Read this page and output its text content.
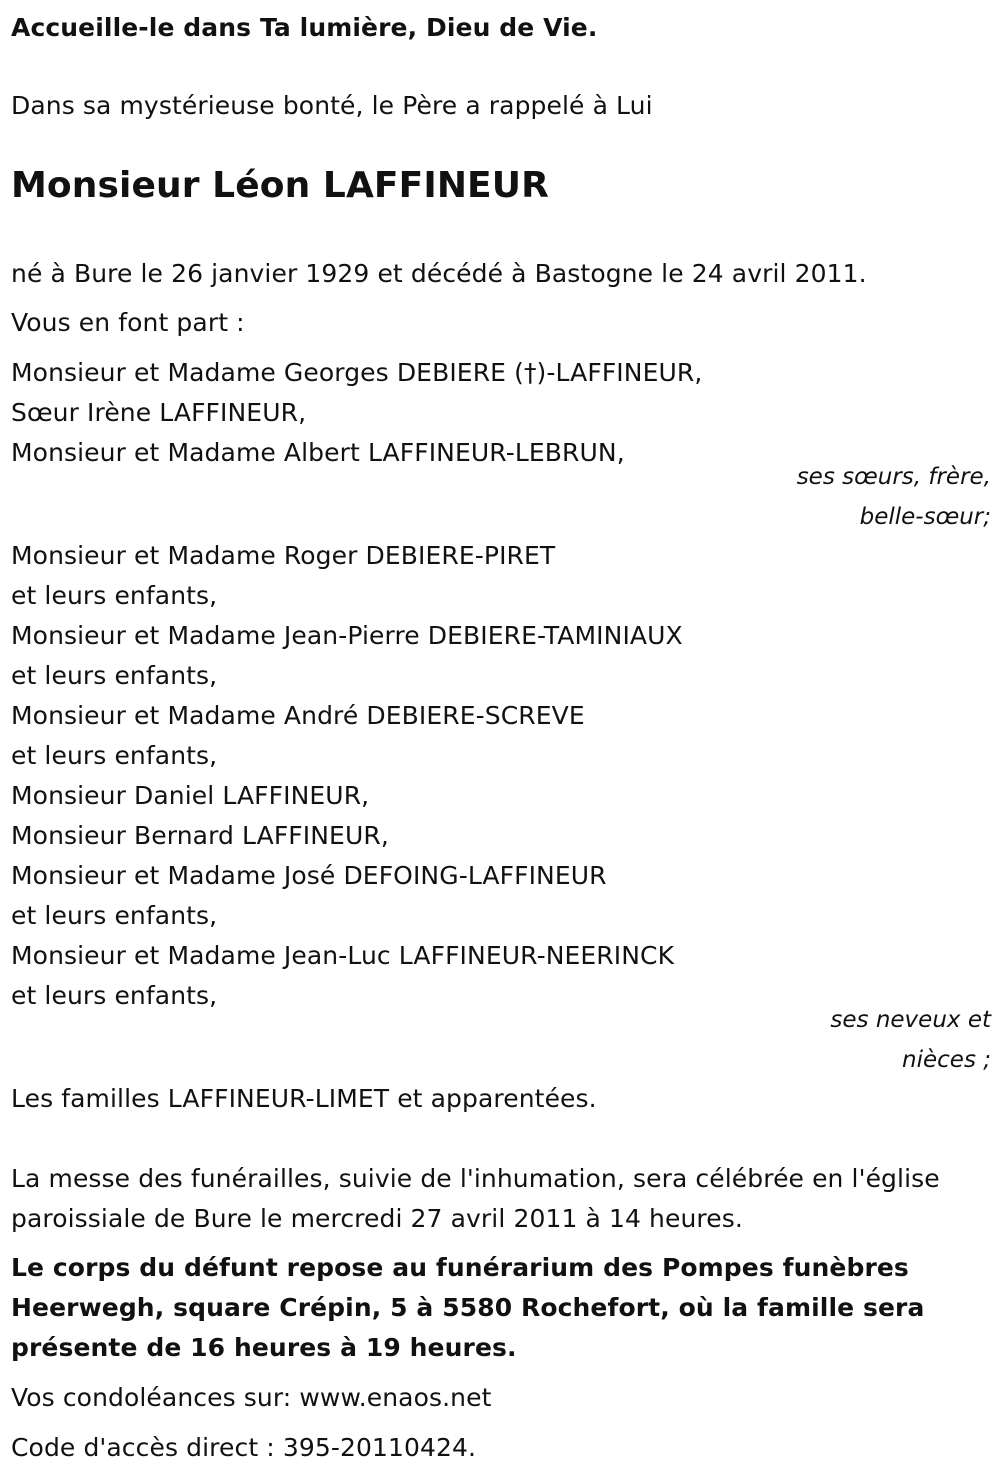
Accueille-le dans Ta lumière, Dieu de Vie.
Dans sa mystérieuse bonté, le Père a rappelé à Lui
Monsieur Léon LAFFINEUR
né à Bure le 26 janvier 1929 et décédé à Bastogne le 24 avril 2011.
Vous en font part :
Monsieur et Madame Georges DEBIERE (†)-LAFFINEUR,
Sœur Irène LAFFINEUR,
Monsieur et Madame Albert LAFFINEUR-LEBRUN,
ses sœurs, frère,
belle-sœur;
Monsieur et Madame Roger DEBIERE-PIRET
et leurs enfants,
Monsieur et Madame Jean-Pierre DEBIERE-TAMINIAUX
et leurs enfants,
Monsieur et Madame André DEBIERE-SCREVE
et leurs enfants,
Monsieur Daniel LAFFINEUR,
Monsieur Bernard LAFFINEUR,
Monsieur et Madame José DEFOING-LAFFINEUR
et leurs enfants,
Monsieur et Madame Jean-Luc LAFFINEUR-NEERINCK
et leurs enfants,
ses neveux et
nièces ;
Les familles LAFFINEUR-LIMET et apparentées.
La messe des funérailles, suivie de l'inhumation, sera célébrée en l'église
paroissiale de Bure le mercredi 27 avril 2011 à 14 heures.
Le corps du défunt repose au funérarium des Pompes funèbres
Heerwegh, square Crépin, 5 à 5580 Rochefort, où la famille sera
présente de 16 heures à 19 heures.
Vos condoléances sur: www.enaos.net
Code d'accès direct : 395-20110424.
